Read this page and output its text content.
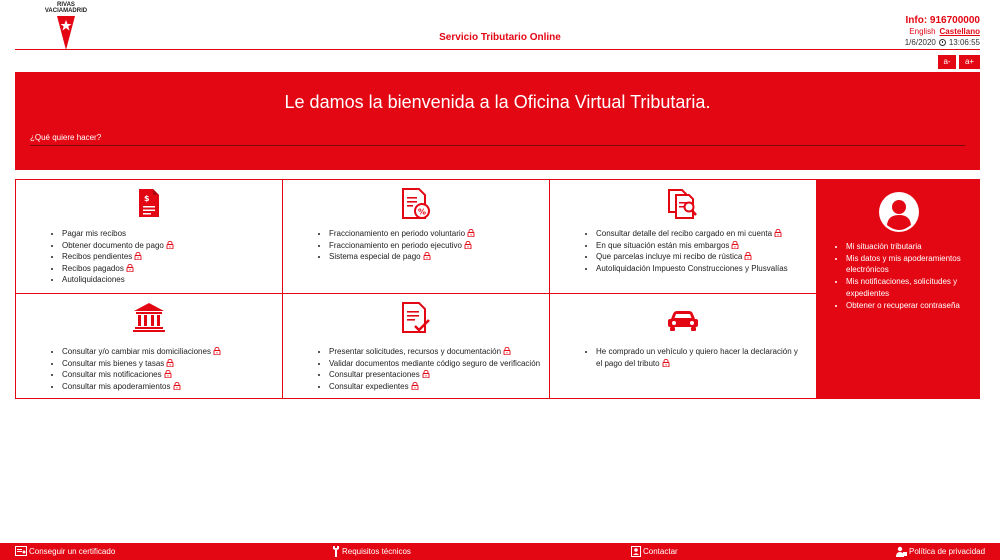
RIVAS
VACIAMADRID
Servicio Tributario Online
Info: 916700000
English Castellano
1/6/2020 13:06:55
a-	a+
Le damos la bienvenida a la Oficina Virtual Tributaria.
¿Qué quiere hacer?
$
• Pagar mis recibos
• Obtener documento de pago
• Recibos pendientes
• Recibos pagados
• Autoliquidaciones
%
• Fraccionamiento en periodo voluntario
• Fraccionamiento en periodo ejecutivo
• Sistema especial de pago
• Consultar detalle del recibo cargado en mi cuenta
• En que situación están mis embargos
• Que parcelas incluye mi recibo de rústica
• Autoliquidación Impuesto Construcciones y Plusvalías
• Consultar y/o cambiar mis domiciliaciones
• Consultar mis bienes y tasas
• Consultar mis notificaciones
• Consultar mis apoderamientos
• Presentar solicitudes, recursos y documentación
• Validar documentos mediante código seguro de verificación
• Consultar presentaciones
• Consultar expedientes
• He comprado un vehículo y quiero hacer la declaración y el pago del tributo
• Mi situación tributaria
• Mis datos y mis apoderamientos electrónicos
• Mis notificaciones, solicitudes y expedientes
• Obtener o recuperar contraseña
Conseguir un certificado	Requisitos técnicos	Contactar	Política de privacidad
